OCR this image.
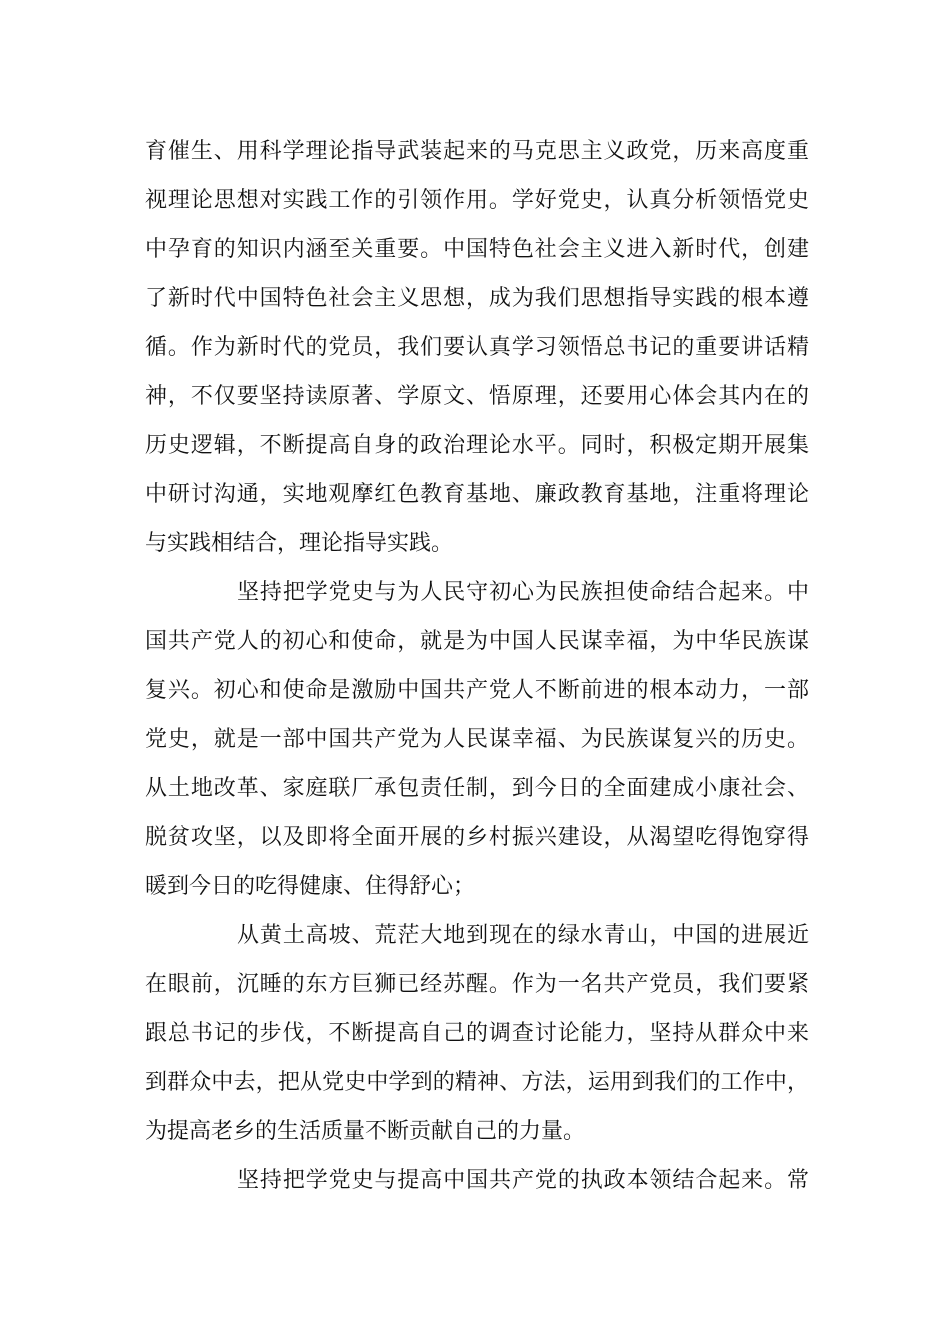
育催生、用科学理论指导武装起来的马克思主义政党，历来高度重
视理论思想对实践工作的引领作用。学好党史，认真分析领悟党史
中孕育的知识内涵至关重要。中国特色社会主义进入新时代，创建
了新时代中国特色社会主义思想，成为我们思想指导实践的根本遵
循。作为新时代的党员，我们要认真学习领悟总书记的重要讲话精
神，不仅要坚持读原著、学原文、悟原理，还要用心体会其内在的
历史逻辑，不断提高自身的政治理论水平。同时，积极定期开展集
中研讨沟通，实地观摩红色教育基地、廉政教育基地，注重将理论
与实践相结合，理论指导实践。
坚持把学党史与为人民守初心为民族担使命结合起来。中
国共产党人的初心和使命，就是为中国人民谋幸福，为中华民族谋
复兴。初心和使命是激励中国共产党人不断前进的根本动力，一部
党史，就是一部中国共产党为人民谋幸福、为民族谋复兴的历史。
从土地改革、家庭联厂承包责任制，到今日的全面建成小康社会、
脱贫攻坚，以及即将全面开展的乡村振兴建设，从渴望吃得饱穿得
暖到今日的吃得健康、住得舒心；
从黄土高坡、荒茫大地到现在的绿水青山，中国的进展近
在眼前，沉睡的东方巨狮已经苏醒。作为一名共产党员，我们要紧
跟总书记的步伐，不断提高自己的调查讨论能力，坚持从群众中来
到群众中去，把从党史中学到的精神、方法，运用到我们的工作中，
为提高老乡的生活质量不断贡献自己的力量。
坚持把学党史与提高中国共产党的执政本领结合起来。常
